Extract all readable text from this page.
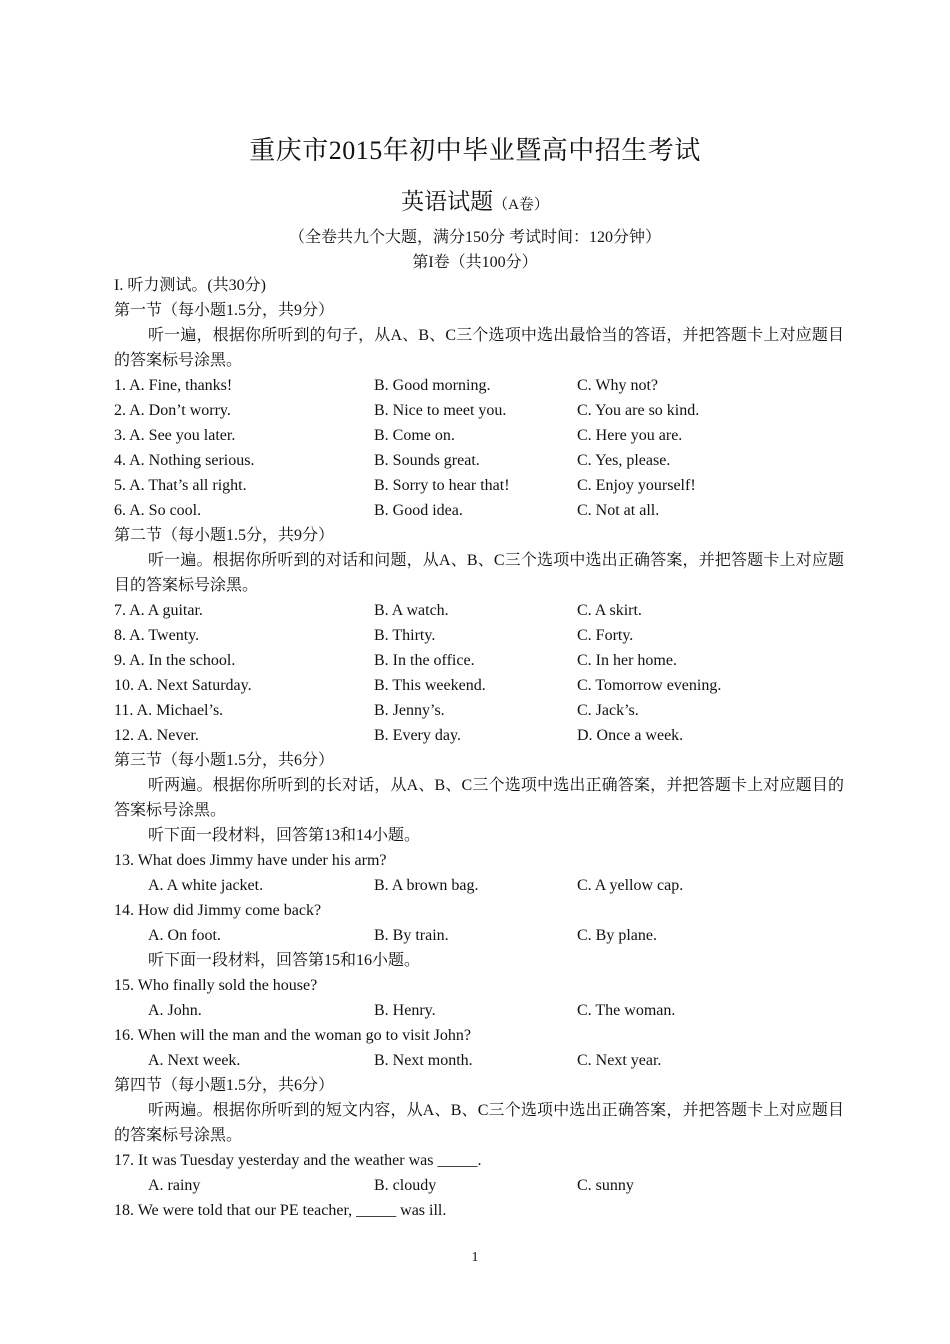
重庆市2015年初中毕业暨高中招生考试
英语试题（A卷）
（全卷共九个大题，满分150分 考试时间：120分钟）
第I卷（共100分）
I. 听力测试。(共30分)
第一节（每小题1.5分，共9分）
听一遍，根据你所听到的句子，从A、B、C三个选项中选出最恰当的答语，并把答题卡上对应题目的答案标号涂黑。
1. A. Fine, thanks!	B. Good morning.	C. Why not?
2. A. Don’t worry.	B. Nice to meet you.	C. You are so kind.
3. A. See you later.	B. Come on.	C. Here you are.
4. A. Nothing serious.	B. Sounds great.	C. Yes, please.
5. A. That’s all right.	B. Sorry to hear that!	C. Enjoy yourself!
6. A. So cool.	B. Good idea.	C. Not at all.
第二节（每小题1.5分，共9分）
听一遍。根据你所听到的对话和问题，从A、B、C三个选项中选出正确答案，并把答题卡上对应题目的答案标号涂黑。
7. A. A guitar.	B. A watch.	C. A skirt.
8. A. Twenty.	B. Thirty.	C. Forty.
9. A. In the school.	B. In the office.	C. In her home.
10. A. Next Saturday.	B. This weekend.	C. Tomorrow evening.
11. A. Michael’s.	B. Jenny’s.	C. Jack’s.
12. A. Never.	B. Every day.	D. Once a week.
第三节（每小题1.5分，共6分）
听两遍。根据你所听到的长对话，从A、B、C三个选项中选出正确答案，并把答题卡上对应题目的答案标号涂黑。
听下面一段材料，回答第13和14小题。
13. What does Jimmy have under his arm?
A. A white jacket.	B. A brown bag.	C. A yellow cap.
14. How did Jimmy come back?
A. On foot.	B. By train.	C. By plane.
听下面一段材料，回答第15和16小题。
15. Who finally sold the house?
A. John.	B. Henry.	C. The woman.
16. When will the man and the woman go to visit John?
A. Next week.	B. Next month.	C. Next year.
第四节（每小题1.5分，共6分）
听两遍。根据你所听到的短文内容，从A、B、C三个选项中选出正确答案，并把答题卡上对应题目的答案标号涂黑。
17. It was Tuesday yesterday and the weather was _____.
A. rainy	B. cloudy	C. sunny
18. We were told that our PE teacher, _____ was ill.
1
